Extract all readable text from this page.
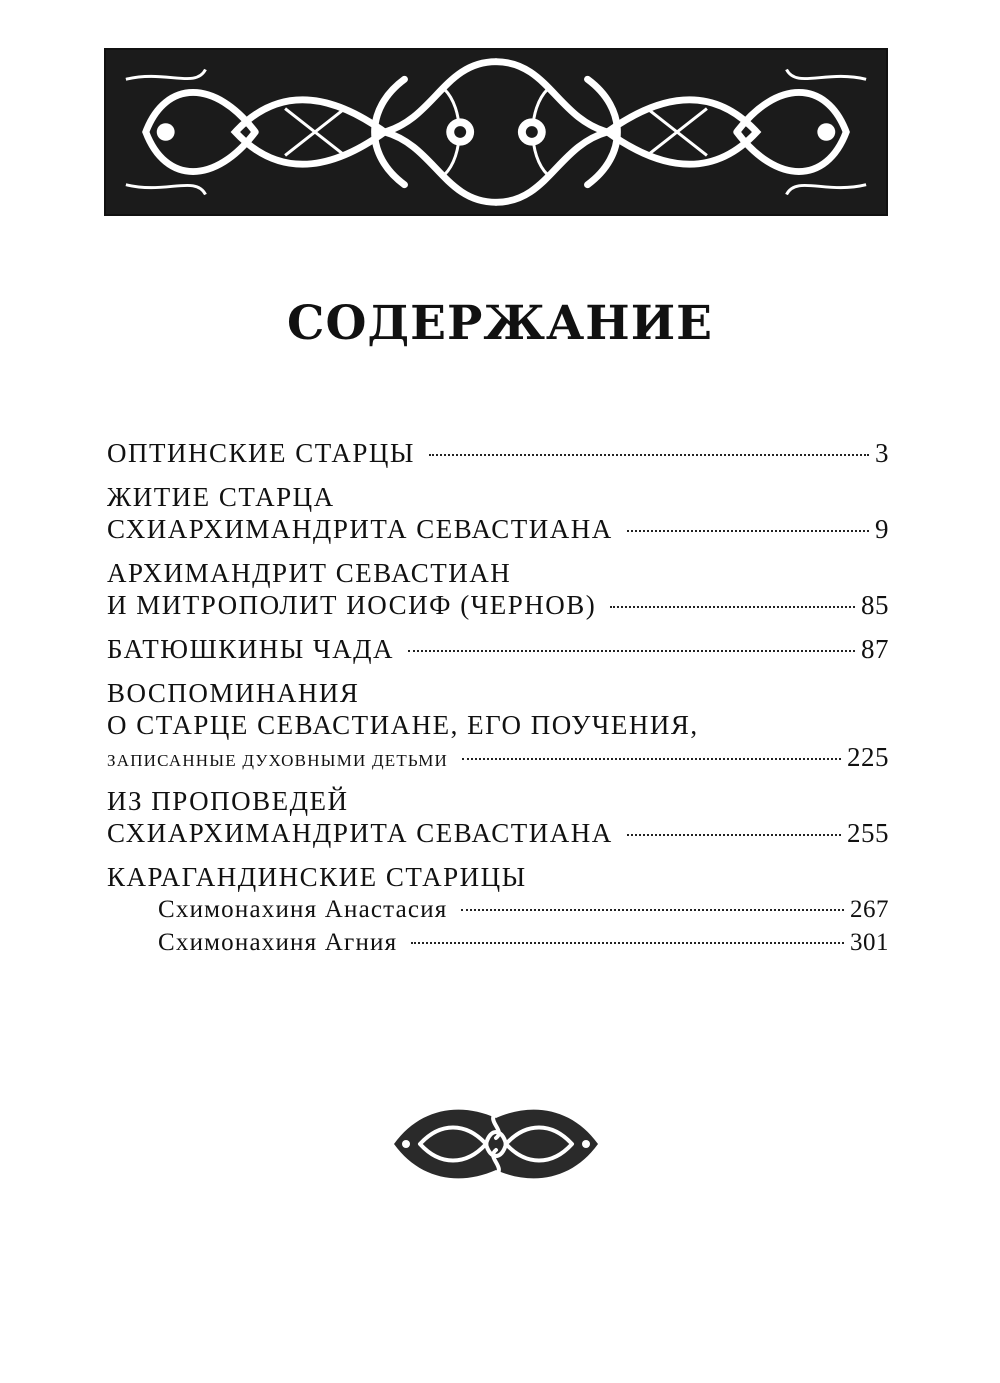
СОДЕРЖАНИЕ
ОПТИНСКИЕ СТАРЦЫ	3
ЖИТИЕ СТАРЦА
СХИАРХИМАНДРИТА СЕВАСТИАНА	9
АРХИМАНДРИТ СЕВАСТИАН
И МИТРОПОЛИТ ИОСИФ (ЧЕРНОВ)	85
БАТЮШКИНЫ ЧАДА	87
ВОСПОМИНАНИЯ
О СТАРЦЕ СЕВАСТИАНЕ, ЕГО ПОУЧЕНИЯ,
ЗАПИСАННЫЕ ДУХОВНЫМИ ДЕТЬМИ	225
ИЗ ПРОПОВЕДЕЙ
СХИАРХИМАНДРИТА СЕВАСТИАНА	255
КАРАГАНДИНСКИЕ СТАРИЦЫ
Схимонахиня Анастасия	267
Схимонахиня Агния	301
